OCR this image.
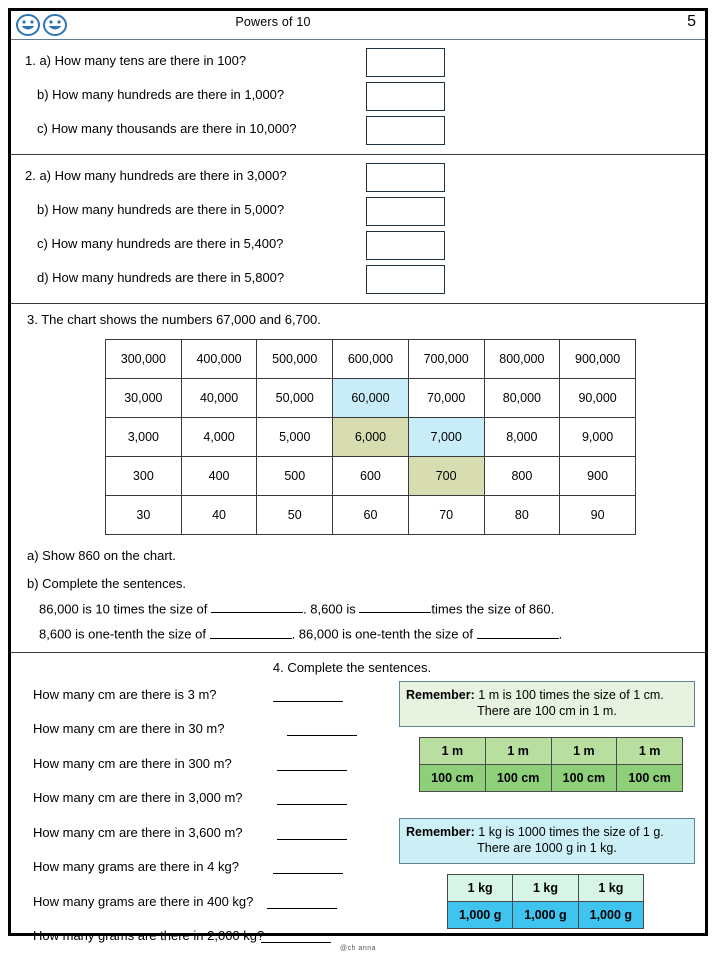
Powers of 10	5
1. a) How many tens are there in 100?
b) How many hundreds are there in 1,000?
c) How many thousands are there in 10,000?
2. a) How many hundreds are there in 3,000?
b) How many hundreds are there in 5,000?
c) How many hundreds are there in 5,400?
d) How many hundreds are there in 5,800?
3. The chart shows the numbers 67,000 and 6,700.
300,000	400,000	500,000	600,000	700,000	800,000	900,000
30,000	40,000	50,000	60,000	70,000	80,000	90,000
3,000	4,000	5,000	6,000	7,000	8,000	9,000
300	400	500	600	700	800	900
30	40	50	60	70	80	90
a) Show 860 on the chart.
b) Complete the sentences.
86,000 is 10 times the size of	. 8,600 is	times the size of 860.
8,600 is one-tenth the size of	. 86,000 is one-tenth the size of	.
4. Complete the sentences.
How many cm are there is 3 m?
How many cm are there in 30 m?
How many cm are there in 300 m?
How many cm are there in 3,000 m?
How many cm are there in 3,600 m?
How many grams are there in 4 kg?
How many grams are there in 400 kg?
How many grams are there in 2,000 kg?
Remember: 1 m is 100 times the size of 1 cm.
There are 100 cm in 1 m.
1 m	1 m	1 m	1 m
100 cm	100 cm	100 cm	100 cm
Remember: 1 kg is 1000 times the size of 1 g.
There are 1000 g in 1 kg.
1 kg	1 kg	1 kg
1,000 g	1,000 g	1,000 g
@ch anna
